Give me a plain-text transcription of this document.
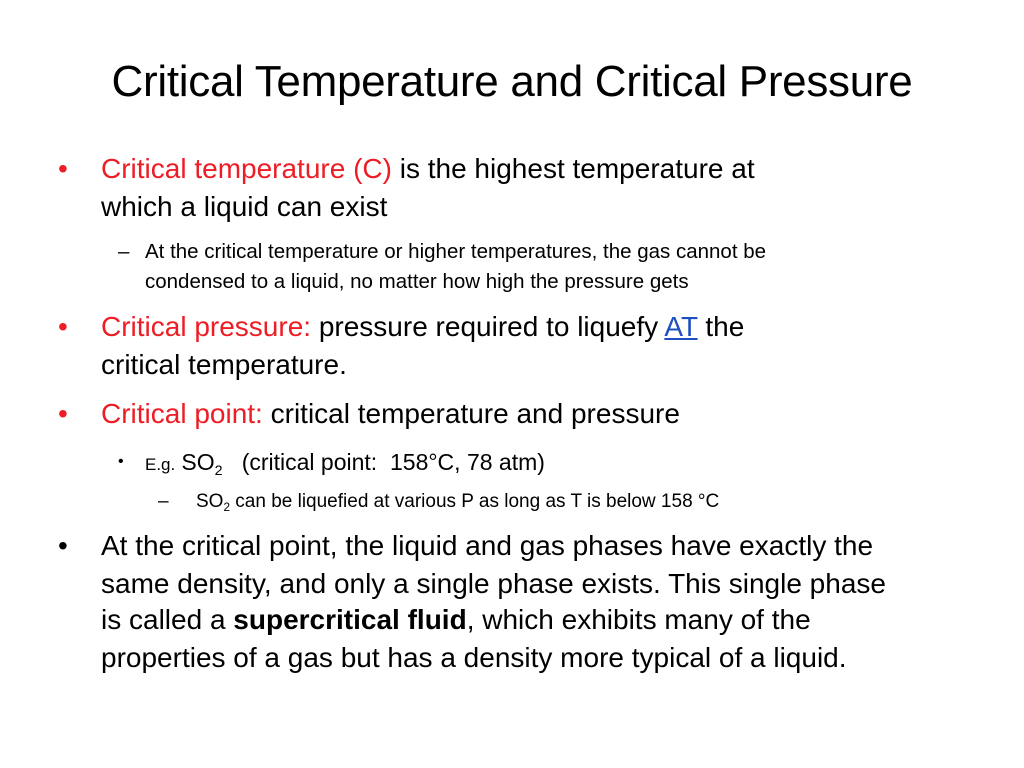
Critical Temperature and Critical Pressure
• Critical temperature (C) is the highest temperature at
which a liquid can exist
– At the critical temperature or higher temperatures, the gas cannot be
condensed to a liquid, no matter how high the pressure gets
• Critical pressure: pressure required to liquefy AT the
critical temperature.
• Critical point: critical temperature and pressure
• E.g. $SO_2$   (critical point:  158°C, 78 atm)
– $SO_2$ can be liquefied at various P as long as T is below 158 °C
• At the critical point, the liquid and gas phases have exactly the
same density, and only a single phase exists. This single phase
is called a supercritical fluid, which exhibits many of the
properties of a gas but has a density more typical of a liquid.
